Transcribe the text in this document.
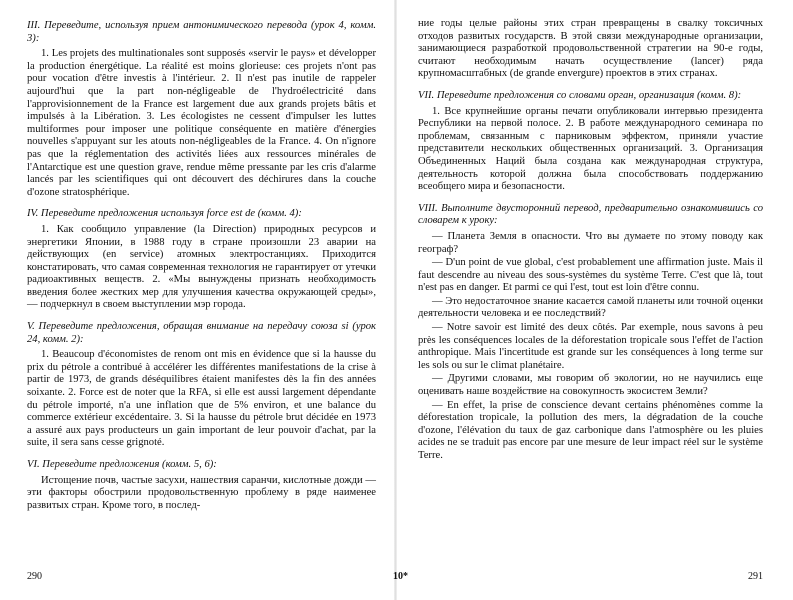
III. Переведите, используя прием антонимического перевода (урок 4, комм. 3):

1. Les projets des multinationales sont supposés «servir le pays» et développer la production énergétique. La réalité est moins glorieuse: ces projets n'ont pas pour vocation d'être investis à l'intérieur. 2. Il n'est pas inutile de rappeler aujourd'hui que la part non-négligeable de l'hydroélectricité dans l'approvisionnement de la France est largement due aux grands projets bâtis et impulsés à la Libération. 3. Les écologistes ne cessent d'impulser les luttes multiformes pour imposer une politique conséquente en matière d'énergies nouvelles s'appuyant sur les atouts non-négligeables de la France. 4. On n'ignore pas que la réglementation des activités liées aux ressources minérales de l'Antarctique est une question grave, rendue même pressante par les cris d'alarme lancés par les scientifiques qui ont découvert des déchirures dans la couche d'ozone stratosphérique.

IV. Переведите предложения используя force est de (комм. 4):

1. Как сообщило управление (la Direction) природных ресурсов и энергетики Японии, в 1988 году в стране произошли 23 аварии на действующих (en service) атомных электростанциях. Приходится констатировать, что самая современная технология не гарантирует от утечки радиоактивных веществ. 2. «Мы вынуждены признать необходимость введения более жестких мер для улучшения качества окружающей среды», — подчеркнул в своем выступлении мэр города.

V. Переведите предложения, обращая внимание на передачу союза si (урок 24, комм. 2):

1. Beaucoup d'économistes de renom ont mis en évidence que si la hausse du prix du pétrole a contribué à accélérer les différentes manifestations de la crise à partir de 1973, de grands déséquilibres étaient manifestes dès la fin des années soixante. 2. Force est de noter que la RFA, si elle est aussi largement dépendante du pétrole importé, n'a une inflation que de 5% environ, et une balance du commerce extérieur excédentaire. 3. Si la hausse du pétrole brut décidée en 1973 a assuré aux pays producteurs un gain important de leur pouvoir d'achat, par la suite, il sera sans cesse grignoté.

VI. Переведите предложения (комм. 5, 6):

Истощение почв, частые засухи, нашествия саранчи, кислотные дожди — эти факторы обострили продовольственную проблему в ряде наименее развитых стран. Кроме того, в послед-

ние годы целые районы этих стран превращены в свалку токсичных отходов развитых государств. В этой связи международные организации, занимающиеся разработкой продовольственной стратегии на 90-е годы, считают необходимым начать осуществление (lancer) ряда крупномасштабных (de grande envergure) проектов в этих странах.

VII. Переведите предложения со словами орган, организация (комм. 8):

1. Все крупнейшие органы печати опубликовали интервью президента Республики на первой полосе. 2. В работе международного семинара по проблемам, связанным с парниковым эффектом, приняли участие представители нескольких общественных организаций. 3. Организация Объединенных Наций была создана как международная структура, деятельность которой должна была способствовать поддержанию всеобщего мира и безопасности.

VIII. Выполните двусторонний перевод, предварительно ознакомившись со словарем к уроку:

— Планета Земля в опасности. Что вы думаете по этому поводу как географ?

— D'un point de vue global, c'est probablement une affirmation juste. Mais il faut descendre au niveau des sous-systèmes du système Terre. C'est que là, tout n'est pas en danger. Et parmi ce qui l'est, tout est loin d'être connu.

— Это недостаточное знание касается самой планеты или точной оценки деятельности человека и ее последствий?

— Notre savoir est limité des deux côtés. Par exemple, nous savons à peu près les conséquences locales de la déforestation tropicale sous l'effet de l'action anthropique. Mais l'incertitude est grande sur les conséquences à long terme sur les sols ou sur le climat planétaire.

— Другими словами, мы говорим об экологии, но не научились еще оценивать наше воздействие на совокупность экосистем Земли?

— En effet, la prise de conscience devant certains phénomènes comme la déforestation tropicale, la pollution des mers, la dégradation de la couche d'ozone, l'élévation du taux de gaz carbonique dans l'atmosphère ou les pluies acides ne se traduit pas encore par une mesure de leur impact réel sur le système Terre.

290	10*	291
